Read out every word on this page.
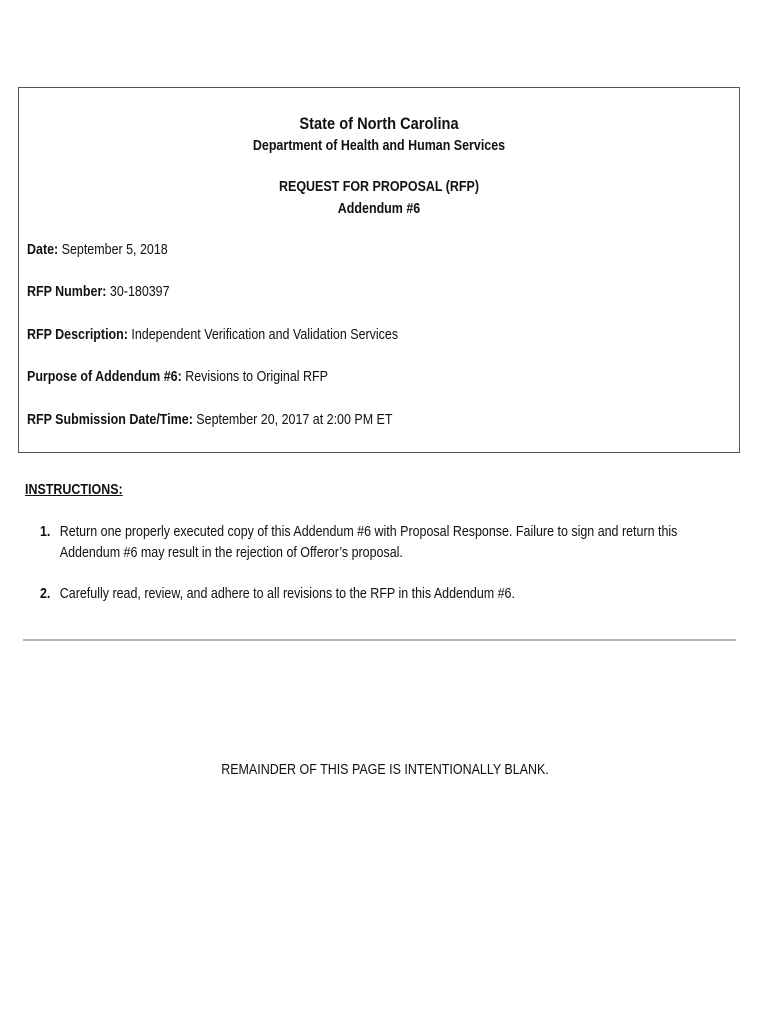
State of North Carolina
Department of Health and Human Services
REQUEST FOR PROPOSAL (RFP)
Addendum #6
Date: September 5, 2018
RFP Number: 30-180397
RFP Description: Independent Verification and Validation Services
Purpose of Addendum #6: Revisions to Original RFP
RFP Submission Date/Time: September 20, 2017 at 2:00 PM ET
INSTRUCTIONS:
1. Return one properly executed copy of this Addendum #6 with Proposal Response. Failure to sign and return this Addendum #6 may result in the rejection of Offeror’s proposal.
2. Carefully read, review, and adhere to all revisions to the RFP in this Addendum #6.
REMAINDER OF THIS PAGE IS INTENTIONALLY BLANK.
